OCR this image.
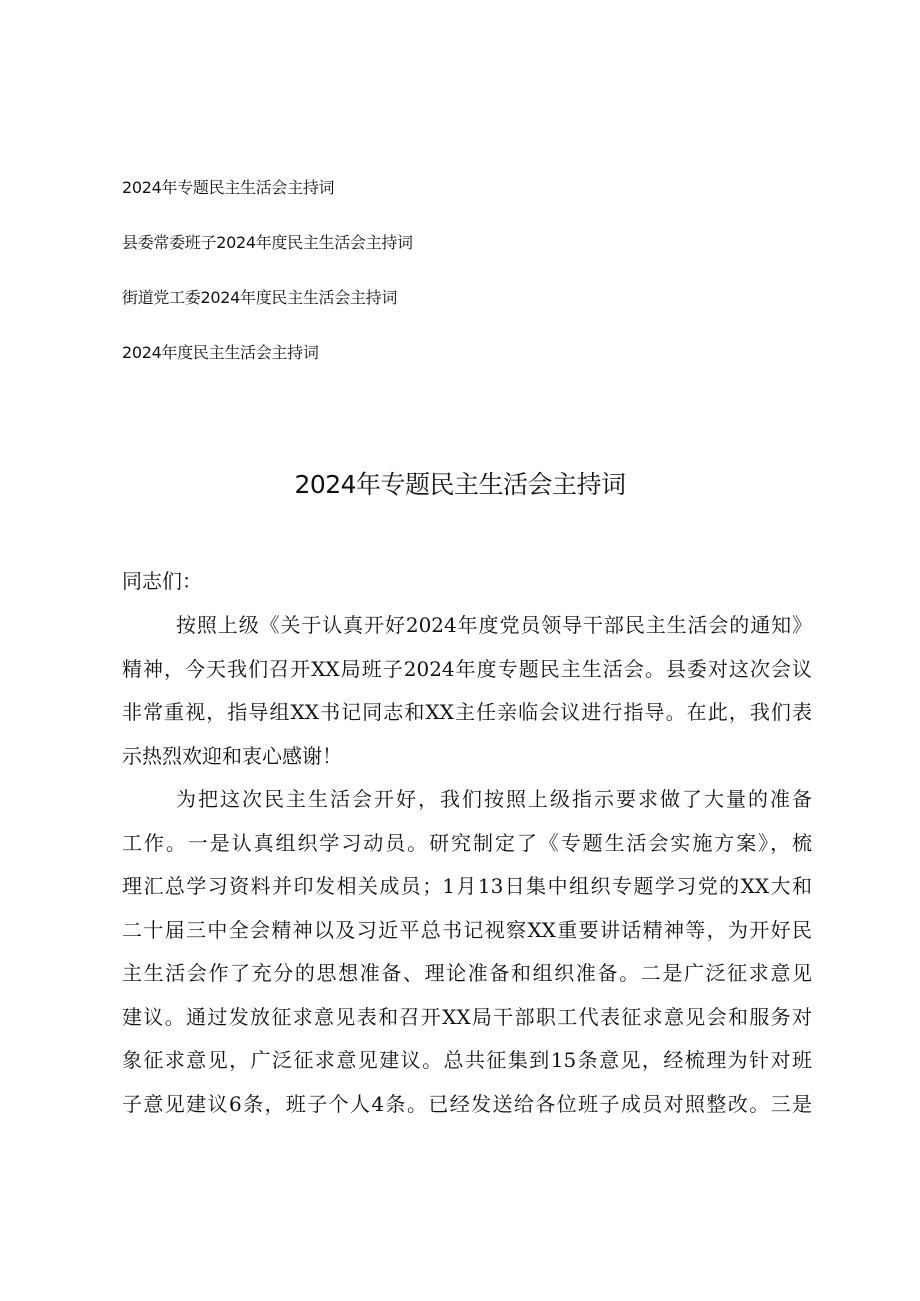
2024年专题民主生活会主持词
县委常委班子2024年度民主生活会主持词
街道党工委2024年度民主生活会主持词
2024年度民主生活会主持词
2024年专题民主生活会主持词
同志们：
按照上级《关于认真开好2024年度党员领导干部民主生活会的通知》
精神，今天我们召开XX局班子2024年度专题民主生活会。县委对这次会议
非常重视，指导组XX书记同志和XX主任亲临会议进行指导。在此，我们表
示热烈欢迎和衷心感谢！
为把这次民主生活会开好，我们按照上级指示要求做了大量的准备
工作。一是认真组织学习动员。研究制定了《专题生活会实施方案》，梳
理汇总学习资料并印发相关成员；1月13日集中组织专题学习党的XX大和
二十届三中全会精神以及习近平总书记视察XX重要讲话精神等，为开好民
主生活会作了充分的思想准备、理论准备和组织准备。二是广泛征求意见
建议。通过发放征求意见表和召开XX局干部职工代表征求意见会和服务对
象征求意见，广泛征求意见建议。总共征集到15条意见，经梳理为针对班
子意见建议6条，班子个人4条。已经发送给各位班子成员对照整改。三是
